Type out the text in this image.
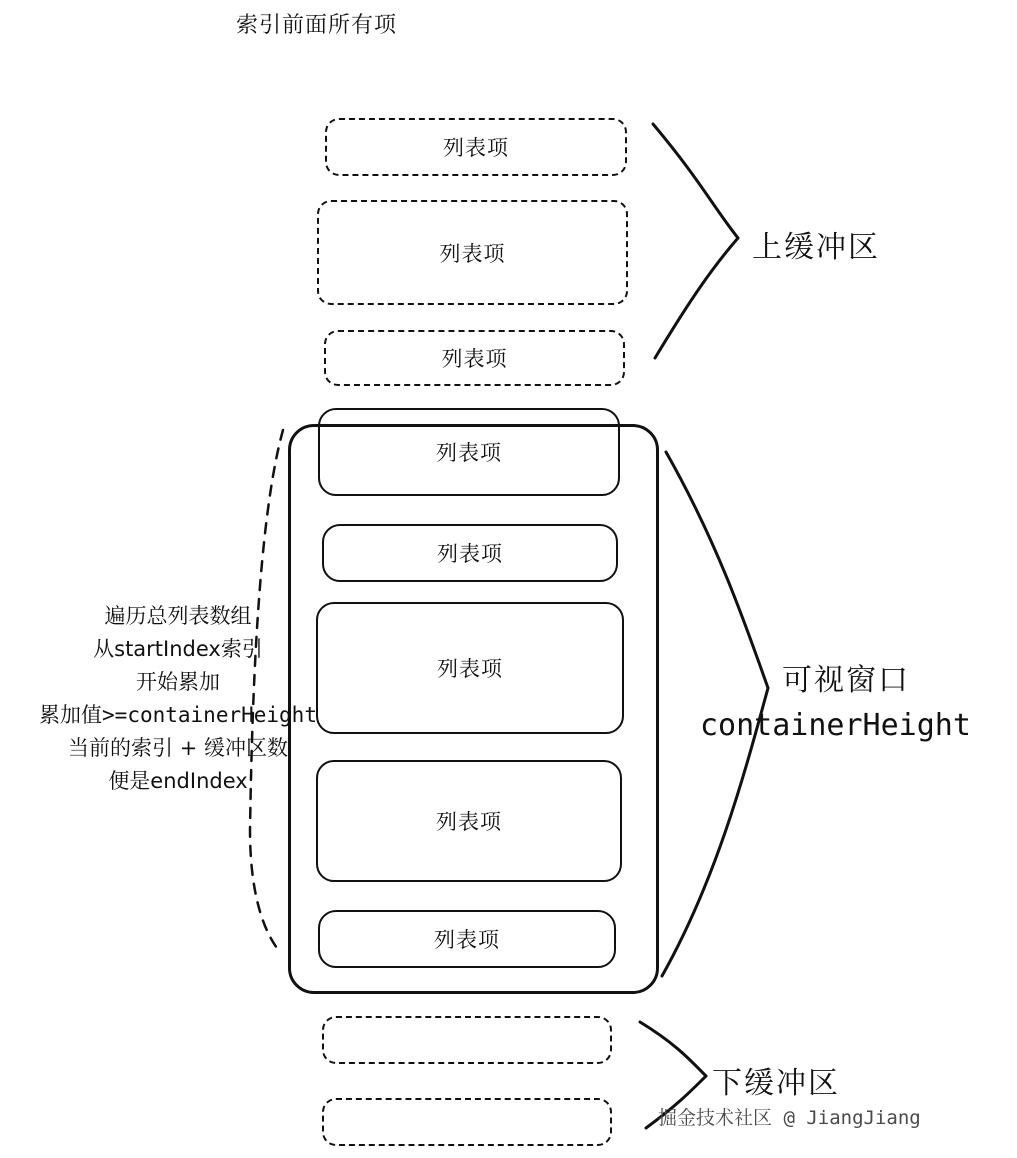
索引前面所有项
列表项
列表项
列表项
列表项
列表项
列表项
列表项
列表项
上缓冲区
可视窗口
containerHeight
下缓冲区
遍历总列表数组
从startIndex索引
开始累加
累加值>=containerHeight
当前的索引 + 缓冲区数
便是endIndex
掘金技术社区 @ JiangJiang
